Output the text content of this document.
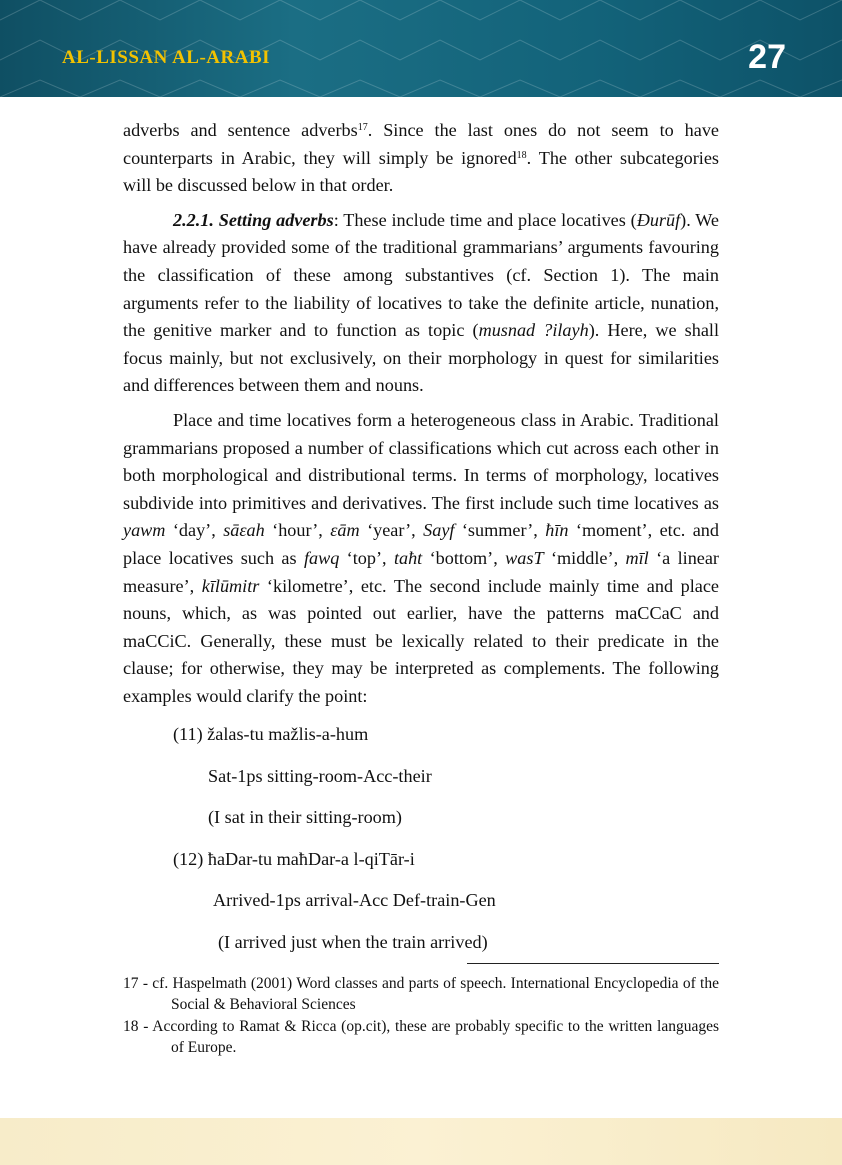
AL-LISSAN AL-ARABI	27

adverbs and sentence adverbs$^{17}$. Since the last ones do not seem to have counterparts in Arabic, they will simply be ignored$^{18}$. The other subcategories will be discussed below in that order.

2.2.1. Setting adverbs: These include time and place locatives (Đurūf). We have already provided some of the traditional grammarians’ arguments favouring the classification of these among substantives (cf. Section 1). The main arguments refer to the liability of locatives to take the definite article, nunation, the genitive marker and to function as topic (musnad ?ilayh). Here, we shall focus mainly, but not exclusively, on their morphology in quest for similarities and differences between them and nouns.

Place and time locatives form a heterogeneous class in Arabic. Traditional grammarians proposed a number of classifications which cut across each other in both morphological and distributional terms. In terms of morphology, locatives subdivide into primitives and derivatives. The first include such time locatives as yawm ‘day’, sāεah ‘hour’, εām ‘year’, Sayf ‘summer’, ħīn ‘moment’, etc. and place locatives such as fawq ‘top’, taħt ‘bottom’, wasT ‘middle’, mīl ‘a linear measure’, kīlūmitr ‘kilometre’, etc. The second include mainly time and place nouns, which, as was pointed out earlier, have the patterns maCCaC and maCCiC. Generally, these must be lexically related to their predicate in the clause; for otherwise, they may be interpreted as complements. The following examples would clarify the point:

(11) žalas-tu mažlis-a-hum

Sat-1ps sitting-room-Acc-their

(I sat in their sitting-room)

(12) ħaDar-tu maħDar-a l-qiTār-i

Arrived-1ps arrival-Acc Def-train-Gen

(I arrived just when the train arrived)

17 - cf. Haspelmath (2001) Word classes and parts of speech. International Encyclopedia of the Social & Behavioral Sciences

18 - According to Ramat & Ricca (op.cit), these are probably specific to the written languages of Europe.
